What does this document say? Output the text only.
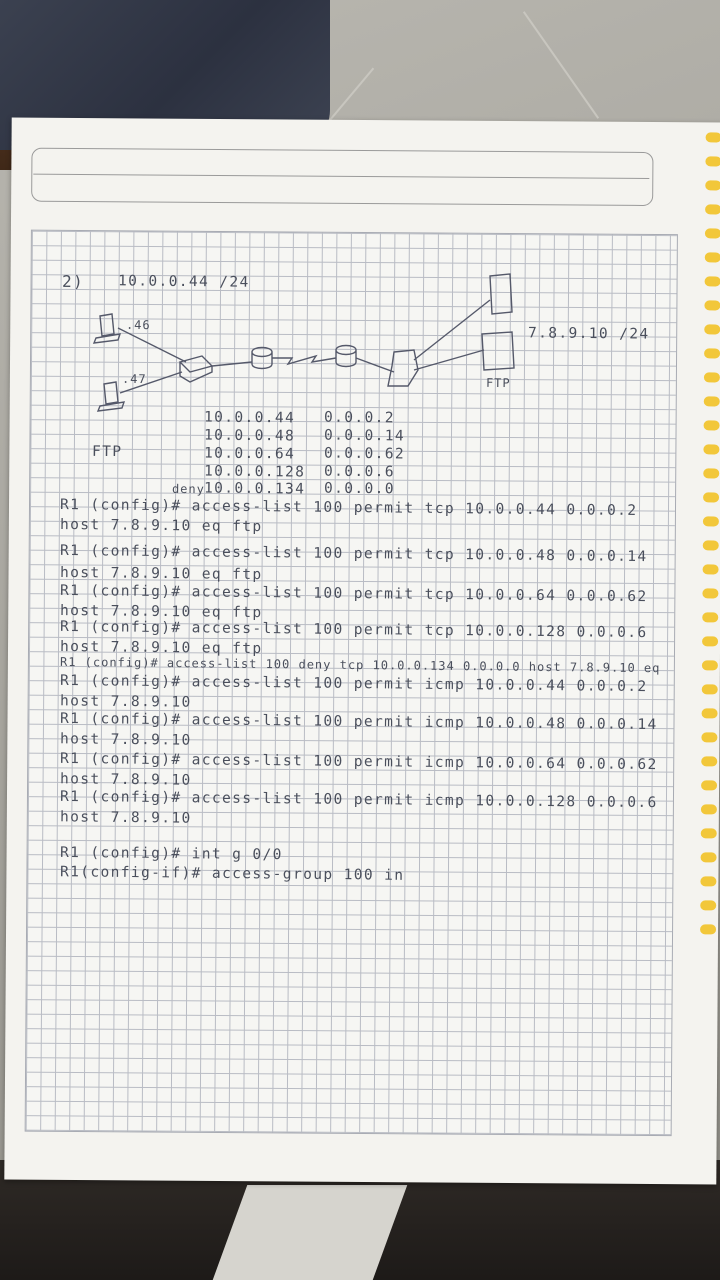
2) 10.0.0.44 /24
.46
.47
7.8.9.10 /24
FTP
FTP
deny
10.0.0.44 0.0.0.2
10.0.0.48 0.0.0.14
10.0.0.64 0.0.0.62
10.0.0.128 0.0.0.6
10.0.0.134 0.0.0.0
R1 (config)# access-list 100 permit tcp 10.0.0.44 0.0.0.2
host 7.8.9.10 eq ftp
R1 (config)# access-list 100 permit tcp 10.0.0.48 0.0.0.14
host 7.8.9.10 eq ftp
R1 (config)# access-list 100 permit tcp 10.0.0.64 0.0.0.62
host 7.8.9.10 eq ftp
R1 (config)# access-list 100 permit tcp 10.0.0.128 0.0.0.6
host 7.8.9.10 eq ftp
R1 (config)# access-list 100 deny tcp 10.0.0.134 0.0.0.0 host 7.8.9.10 eq
R1 (config)# access-list 100 permit icmp 10.0.0.44 0.0.0.2
host 7.8.9.10
R1 (config)# access-list 100 permit icmp 10.0.0.48 0.0.0.14
host 7.8.9.10
R1 (config)# access-list 100 permit icmp 10.0.0.64 0.0.0.62
host 7.8.9.10
R1 (config)# access-list 100 permit icmp 10.0.0.128 0.0.0.6
host 7.8.9.10
R1 (config)# int g 0/0
R1(config-if)# access-group 100 in
